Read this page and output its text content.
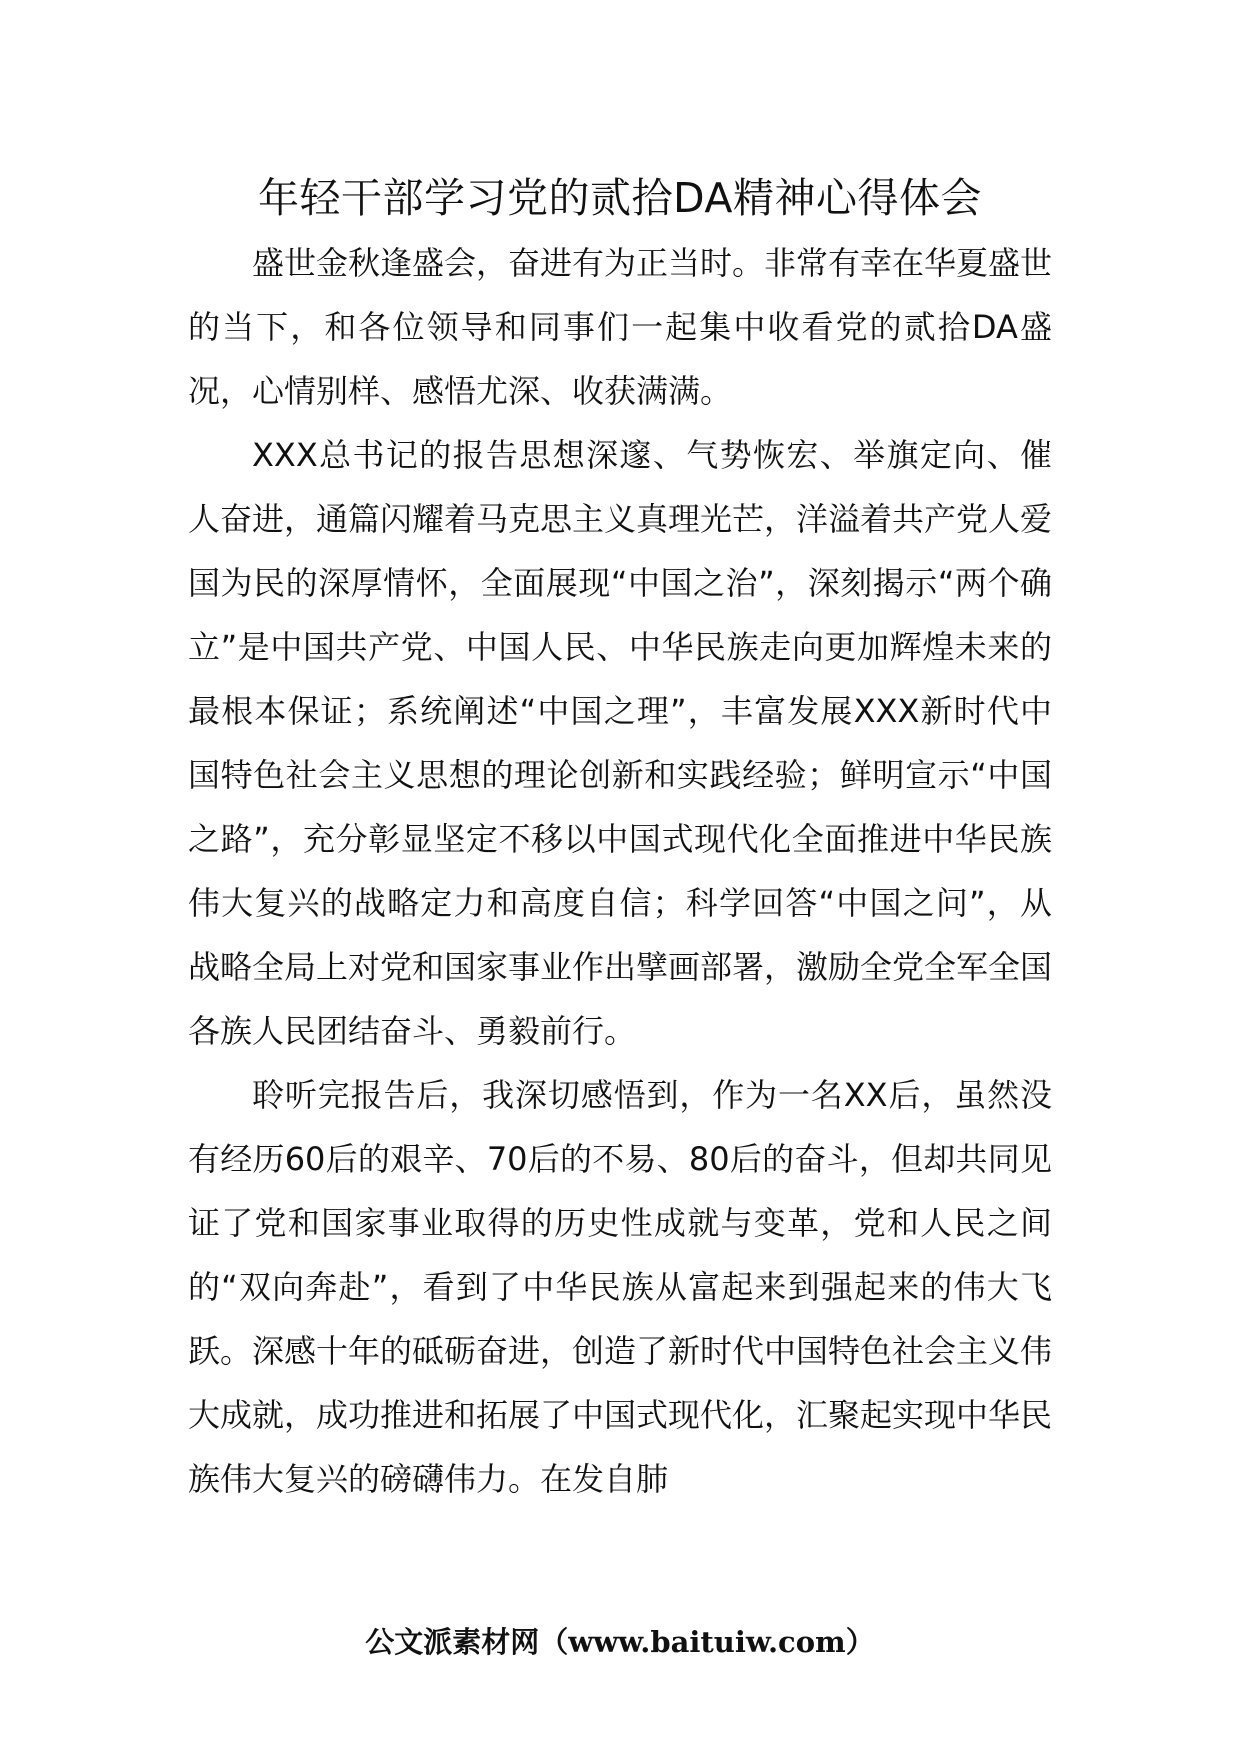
年轻干部学习党的贰拾DA精神心得体会

盛世金秋逢盛会，奋进有为正当时。非常有幸在华夏盛世的当下，和各位领导和同事们一起集中收看党的贰拾DA盛况，心情别样、感悟尤深、收获满满。

XXX总书记的报告思想深邃、气势恢宏、举旗定向、催人奋进，通篇闪耀着马克思主义真理光芒，洋溢着共产党人爱国为民的深厚情怀，全面展现“中国之治”，深刻揭示“两个确立”是中国共产党、中国人民、中华民族走向更加辉煌未来的最根本保证；系统阐述“中国之理”，丰富发展XXX新时代中国特色社会主义思想的理论创新和实践经验；鲜明宣示“中国之路”，充分彰显坚定不移以中国式现代化全面推进中华民族伟大复兴的战略定力和高度自信；科学回答“中国之问”，从战略全局上对党和国家事业作出擘画部署，激励全党全军全国各族人民团结奋斗、勇毅前行。

聆听完报告后，我深切感悟到，作为一名XX后，虽然没有经历60后的艰辛、70后的不易、80后的奋斗，但却共同见证了党和国家事业取得的历史性成就与变革，党和人民之间的“双向奔赴”，看到了中华民族从富起来到强起来的伟大飞跃。深感十年的砥砺奋进，创造了新时代中国特色社会主义伟大成就，成功推进和拓展了中国式现代化，汇聚起实现中华民族伟大复兴的磅礴伟力。在发自肺

公文派素材网（www.baituiw.com）
